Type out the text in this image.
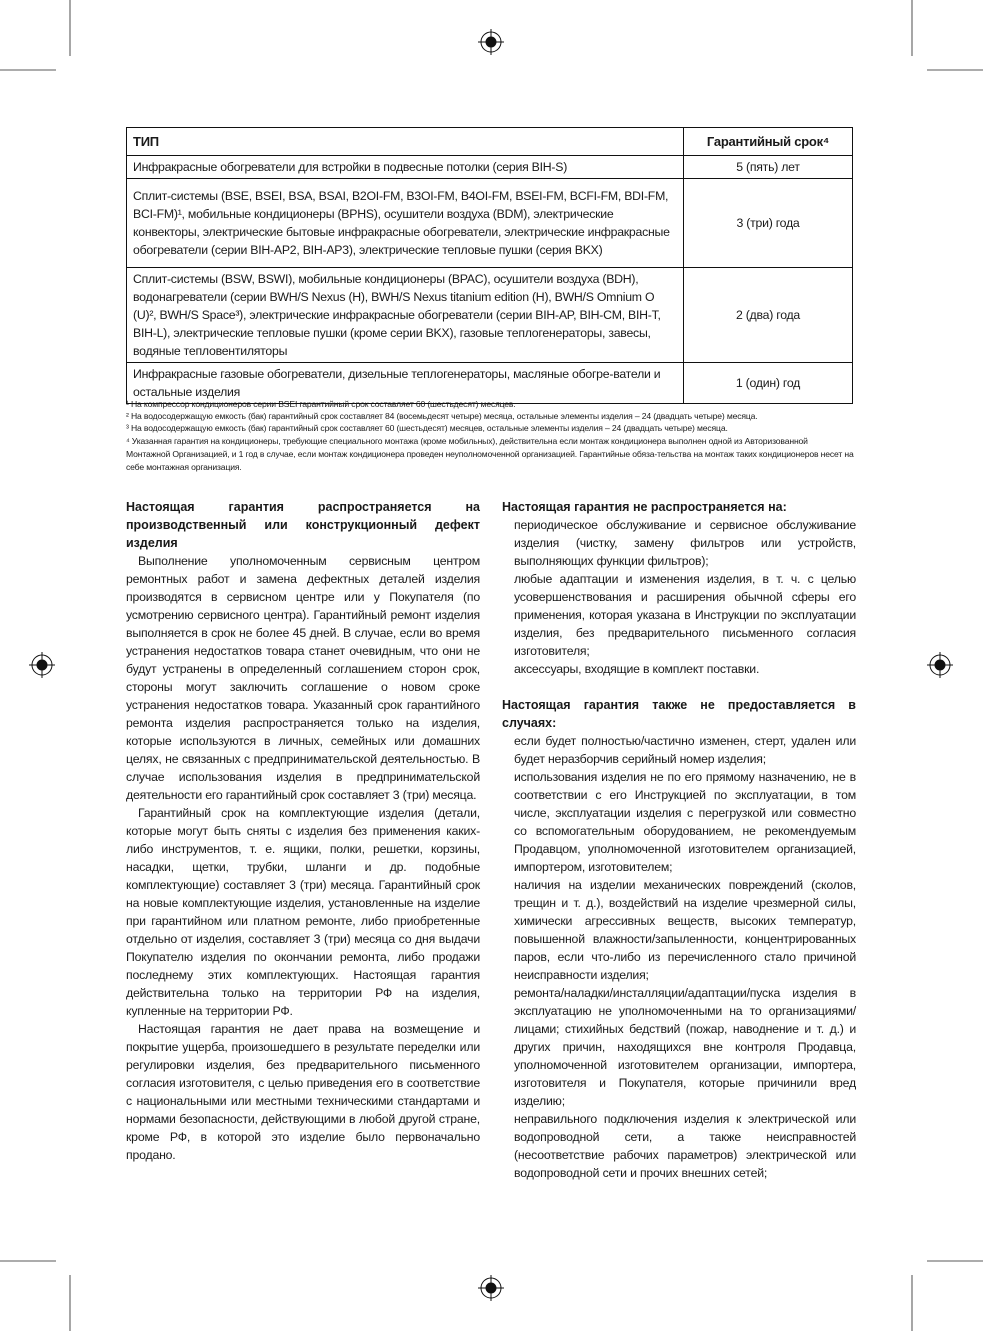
ТИП	Гарантийный срок⁴
Инфракрасные обогреватели для встройки в подвесные потолки (серия BIH-S)	5 (пять) лет
Сплит-системы (BSE, BSEI, BSA, BSAI, B2OI-FM, B3OI-FM, B4OI-FM, BSEI-FM, BCFI-FM, BDI-FM, BCI-FM)¹, мобильные кондиционеры (BPHS), осушители воздуха (BDM), электрические конвекторы, электрические бытовые инфракрасные обогреватели, электрические инфракрасные обогреватели (серии BIH-AP2, BIH-AP3), электрические тепловые пушки (серия BKX)	3 (три) года
Сплит-системы (BSW, BSWI), мобильные кондиционеры (BPAC), осушители воздуха (BDH), водонагреватели (серии BWH/S Nexus (H), BWH/S Nexus titanium edition (H), BWH/S Omnium O (U)², BWH/S Space³), электрические инфракрасные обогреватели (серии BIH-AP, BIH-CM, BIH-T, BIH-L), электрические тепловые пушки (кроме серии BKX), газовые теплогенераторы, завесы, водяные тепловентиляторы	2 (два) года
Инфракрасные газовые обогреватели, дизельные теплогенераторы, масляные обогре-ватели и остальные изделия	1 (один) год

¹ На компрессор кондиционеров серии BSEI гарантийный срок составляет 60 (шестьдесят) месяцев.

² На водосодержащую емкость (бак) гарантийный срок составляет 84 (восемьдесят четыре) месяца, остальные элементы изделия – 24 (двадцать четыре) месяца.

³ На водосодержащую емкость (бак) гарантийный срок составляет 60 (шестьдесят) месяцев, остальные элементы изделия – 24 (двадцать четыре) месяца.

⁴ Указанная гарантия на кондиционеры, требующие специального монтажа (кроме мобильных), действительна если монтаж кондиционера выполнен одной из Авторизованной Монтажной Организацией, и 1 год в случае, если монтаж кондиционера проведен неуполномоченной организацией. Гарантийные обяза-тельства на монтаж таких кондиционеров несет на себе монтажная организация.

Настоящая гарантия распространяется на производственный или конструкционный дефект изделия

Выполнение уполномоченным сервисным центром ремонтных работ и замена дефектных деталей изделия производятся в сервисном центре или у Покупателя (по усмотрению сервисного центра). Гарантийный ремонт изделия выполняется в срок не более 45 дней. В случае, если во время устранения недостатков товара станет очевидным, что они не будут устранены в определенный соглашением сторон срок, стороны могут заключить соглашение о новом сроке устранения недостатков товара. Указанный срок гарантийного ремонта изделия распространяется только на изделия, которые используются в личных, семейных или домашних целях, не связанных с предпринимательской деятельностью. В случае использования изделия в предпринимательской деятельности его гарантийный срок составляет 3 (три) месяца.

Гарантийный срок на комплектующие изделия (детали, которые могут быть сняты с изделия без применения каких-либо инструментов, т. е. ящики, полки, решетки, корзины, насадки, щетки, трубки, шланги и др. подобные комплектующие) составляет 3 (три) месяца. Гарантийный срок на новые комплектующие изделия, установленные на изделие при гарантийном или платном ремонте, либо приобретенные отдельно от изделия, составляет 3 (три) месяца со дня выдачи Покупателю изделия по окончании ремонта, либо продажи последнему этих комплектующих. Настоящая гарантия действительна только на территории РФ на изделия, купленные на территории РФ.

Настоящая гарантия не дает права на возмещение и покрытие ущерба, произошедшего в результате переделки или регулировки изделия, без предварительного письменного согласия изготовителя, с целью приведения его в соответствие с национальными или местными техническими стандартами и нормами безопасности, действующими в любой другой стране, кроме РФ, в которой это изделие было первоначально продано.

Настоящая гарантия не распространяется на:
периодическое обслуживание и сервисное обслуживание изделия (чистку, замену фильтров или устройств, выполняющих функции фильтров);
любые адаптации и изменения изделия, в т. ч. с целью усовершенствования и расширения обычной сферы его применения, которая указана в Инструкции по эксплуатации изделия, без предварительного письменного согласия изготовителя;
аксессуары, входящие в комплект поставки.
Настоящая гарантия также не предоставляется в случаях:
если будет полностью/частично изменен, стерт, удален или будет неразборчив серийный номер изделия;
использования изделия не по его прямому назначению, не в соответствии с его Инструкцией по эксплуатации, в том числе, эксплуатации изделия с перегрузкой или совместно со вспомогательным оборудованием, не рекомендуемым Продавцом, уполномоченной изготовителем организацией, импортером, изготовителем;
наличия на изделии механических повреждений (сколов, трещин и т. д.), воздействий на изделие чрезмерной силы, химически агрессивных веществ, высоких температур, повышенной влажности/запыленности, концентрированных паров, если что-либо из перечисленного стало причиной неисправности изделия;
ремонта/наладки/инсталляции/адаптации/пуска изделия в эксплуатацию не уполномоченными на то организациями/лицами; стихийных бедствий (пожар, наводнение и т. д.) и других причин, находящихся вне контроля Продавца, уполномоченной изготовителем организации, импортера, изготовителя и Покупателя, которые причинили вред изделию;
неправильного подключения изделия к электрической или водопроводной сети, а также неисправностей (несоответствие рабочих параметров) электрической или водопроводной сети и прочих внешних сетей;
